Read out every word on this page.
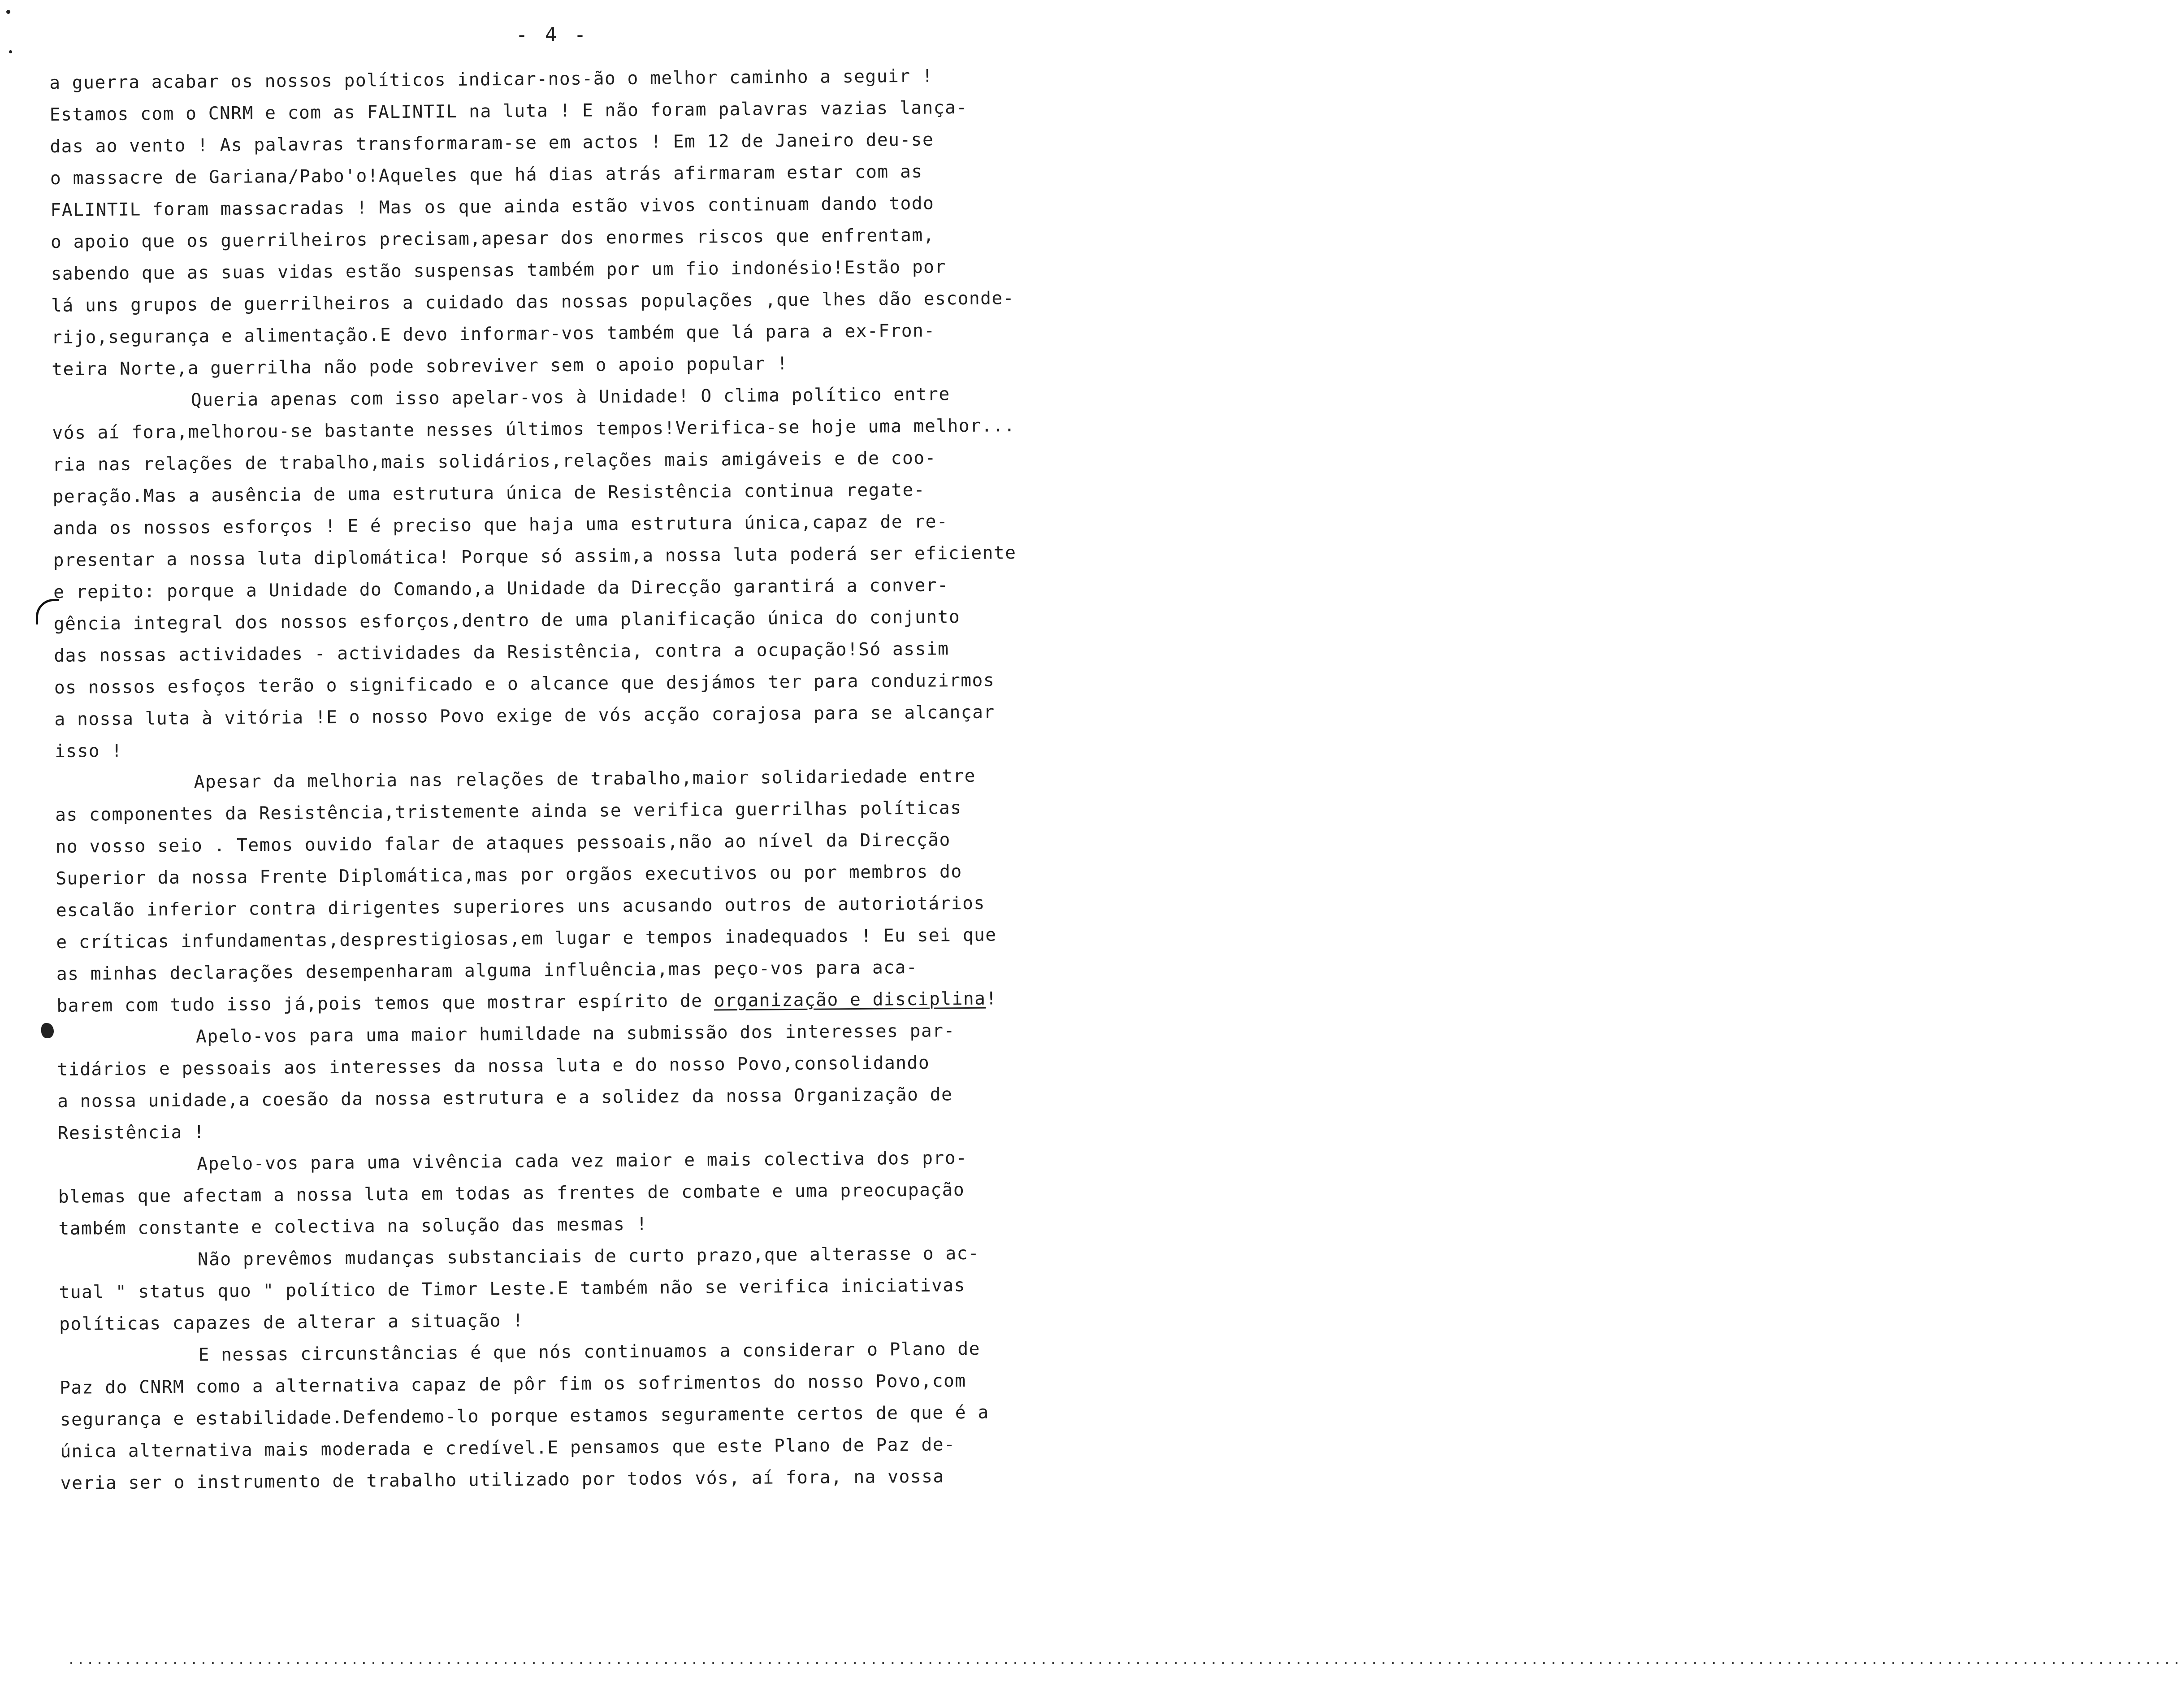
- 4 -
a guerra acabar os nossos políticos indicar-nos-ão o melhor caminho a seguir !
Estamos com o CNRM e com as FALINTIL na luta ! E não foram palavras vazias lança-
das ao vento ! As palavras transformaram-se em actos ! Em 12 de Janeiro deu-se
o massacre de Gariana/Pabo'o!Aqueles que há dias atrás afirmaram estar com as
FALINTIL foram massacradas ! Mas os que ainda estão vivos continuam dando todo
o apoio que os guerrilheiros precisam,apesar dos enormes riscos que enfrentam,
sabendo que as suas vidas estão suspensas também por um fio indonésio!Estão por
lá uns grupos de guerrilheiros a cuidado das nossas populações ,que lhes dão esconde-
rijo,segurança e alimentação.E devo informar-vos também que lá para a ex-Fron-
teira Norte,a guerrilha não pode sobreviver sem o apoio popular !
Queria apenas com isso apelar-vos à Unidade! O clima político entre
vós aí fora,melhorou-se bastante nesses últimos tempos!Verifica-se hoje uma melhor...
ria nas relações de trabalho,mais solidários,relações mais amigáveis e de coo-
peração.Mas a ausência de uma estrutura única de Resistência continua regate-
anda os nossos esforços ! E é preciso que haja uma estrutura única,capaz de re-
presentar a nossa luta diplomática! Porque só assim,a nossa luta poderá ser eficiente
e repito: porque a Unidade do Comando,a Unidade da Direcção garantirá a conver-
gência integral dos nossos esforços,dentro de uma planificação única do conjunto
das nossas actividades - actividades da Resistência, contra a ocupação!Só assim
os nossos esfoços terão o significado e o alcance que desjámos ter para conduzirmos
a nossa luta à vitória !E o nosso Povo exige de vós acção corajosa para se alcançar
isso !
Apesar da melhoria nas relações de trabalho,maior solidariedade entre
as componentes da Resistência,tristemente ainda se verifica guerrilhas políticas
no vosso seio . Temos ouvido falar de ataques pessoais,não ao nível da Direcção
Superior da nossa Frente Diplomática,mas por orgãos executivos ou por membros do
escalão inferior contra dirigentes superiores uns acusando outros de autoriotários
e críticas infundamentas,desprestigiosas,em lugar e tempos inadequados ! Eu sei que
as minhas declarações desempenharam alguma influência,mas peço-vos para aca-
barem com tudo isso já,pois temos que mostrar espírito de organização e disciplina!
Apelo-vos para uma maior humildade na submissão dos interesses par-
tidários e pessoais aos interesses da nossa luta e do nosso Povo,consolidando
a nossa unidade,a coesão da nossa estrutura e a solidez da nossa Organização de
Resistência !
Apelo-vos para uma vivência cada vez maior e mais colectiva dos pro-
blemas que afectam a nossa luta em todas as frentes de combate e uma preocupação
também constante e colectiva na solução das mesmas !
Não prevêmos mudanças substanciais de curto prazo,que alterasse o ac-
tual " status quo " político de Timor Leste.E também não se verifica iniciativas
políticas capazes de alterar a situação !
E nessas circunstâncias é que nós continuamos a considerar o Plano de
Paz do CNRM como a alternativa capaz de pôr fim os sofrimentos do nosso Povo,com
segurança e estabilidade.Defendemo-lo porque estamos seguramente certos de que é a
única alternativa mais moderada e credível.E pensamos que este Plano de Paz de-
veria ser o instrumento de trabalho utilizado por todos vós, aí fora, na vossa
................................................................................................................................................................................................................................
